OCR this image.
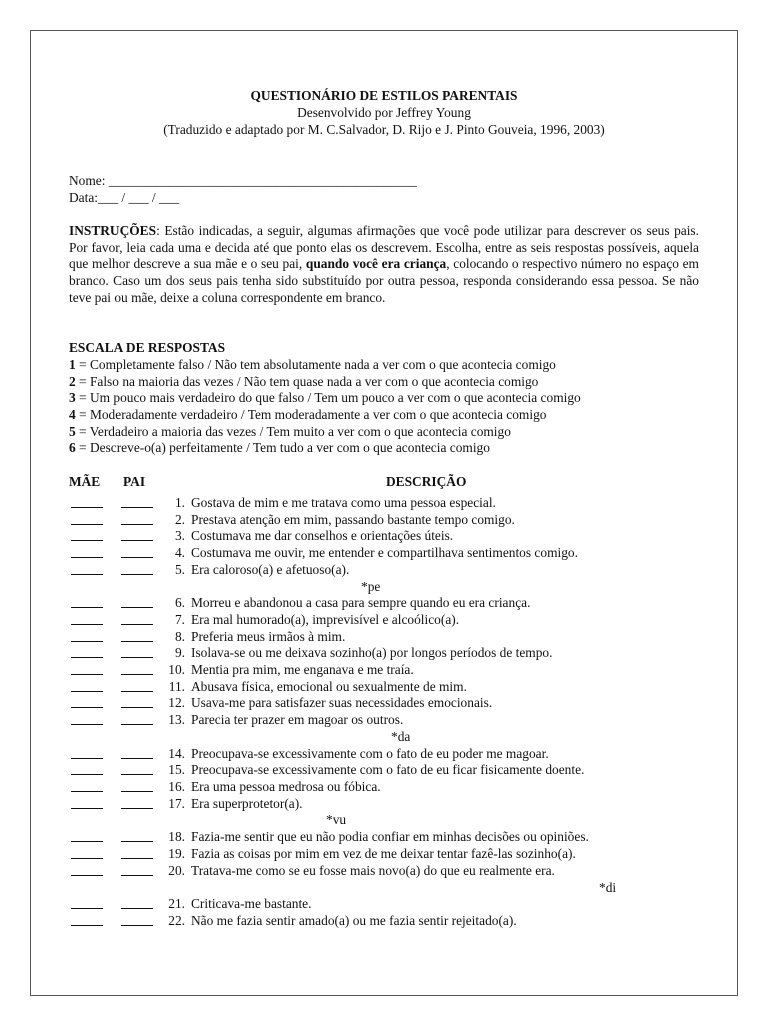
QUESTIONÁRIO DE ESTILOS PARENTAIS
Desenvolvido por Jeffrey Young
(Traduzido e adaptado por M. C.Salvador, D. Rijo e J. Pinto Gouveia, 1996, 2003)
Nome: ______________________________________________
Data:___ / ___ / ___
INSTRUÇÕES: Estão indicadas, a seguir, algumas afirmações que você pode utilizar para descrever os seus pais. Por favor, leia cada uma e decida até que ponto elas os descrevem. Escolha, entre as seis respostas possíveis, aquela que melhor descreve a sua mãe e o seu pai, quando você era criança, colocando o respectivo número no espaço em branco. Caso um dos seus pais tenha sido substituído por outra pessoa, responda considerando essa pessoa. Se não teve pai ou mãe, deixe a coluna correspondente em branco.
ESCALA DE RESPOSTAS
1 = Completamente falso / Não tem absolutamente nada a ver com o que acontecia comigo
2 = Falso na maioria das vezes / Não tem quase nada a ver com o que acontecia comigo
3 = Um pouco mais verdadeiro do que falso / Tem um pouco a ver com o que acontecia comigo
4 = Moderadamente verdadeiro / Tem moderadamente a ver com o que acontecia comigo
5 = Verdadeiro a maioria das vezes / Tem muito a ver com o que acontecia comigo
6 = Descreve-o(a) perfeitamente / Tem tudo a ver com o que acontecia comigo
MÃE PAI	DESCRIÇÃO
1. Gostava de mim e me tratava como uma pessoa especial.
2. Prestava atenção em mim, passando bastante tempo comigo.
3. Costumava me dar conselhos e orientações úteis.
4. Costumava me ouvir, me entender e compartilhava sentimentos comigo.
5. Era caloroso(a) e afetuoso(a).
6. Morreu e abandonou a casa para sempre quando eu era criança.
7. Era mal humorado(a), imprevisível e alcoólico(a).
8. Preferia meus irmãos à mim.
9. Isolava-se ou me deixava sozinho(a) por longos períodos de tempo.
10. Mentia pra mim, me enganava e me traía.
11. Abusava física, emocional ou sexualmente de mim.
12. Usava-me para satisfazer suas necessidades emocionais.
13. Parecia ter prazer em magoar os outros.
14. Preocupava-se excessivamente com o fato de eu poder me magoar.
15. Preocupava-se excessivamente com o fato de eu ficar fisicamente doente.
16. Era uma pessoa medrosa ou fóbica.
17. Era superprotetor(a).
18. Fazia-me sentir que eu não podia confiar em minhas decisões ou opiniões.
19. Fazia as coisas por mim em vez de me deixar tentar fazê-las sozinho(a).
20. Tratava-me como se eu fosse mais novo(a) do que eu realmente era.
21. Criticava-me bastante.
22. Não me fazia sentir amado(a) ou me fazia sentir rejeitado(a).
*pe
*da
*vu
*di
